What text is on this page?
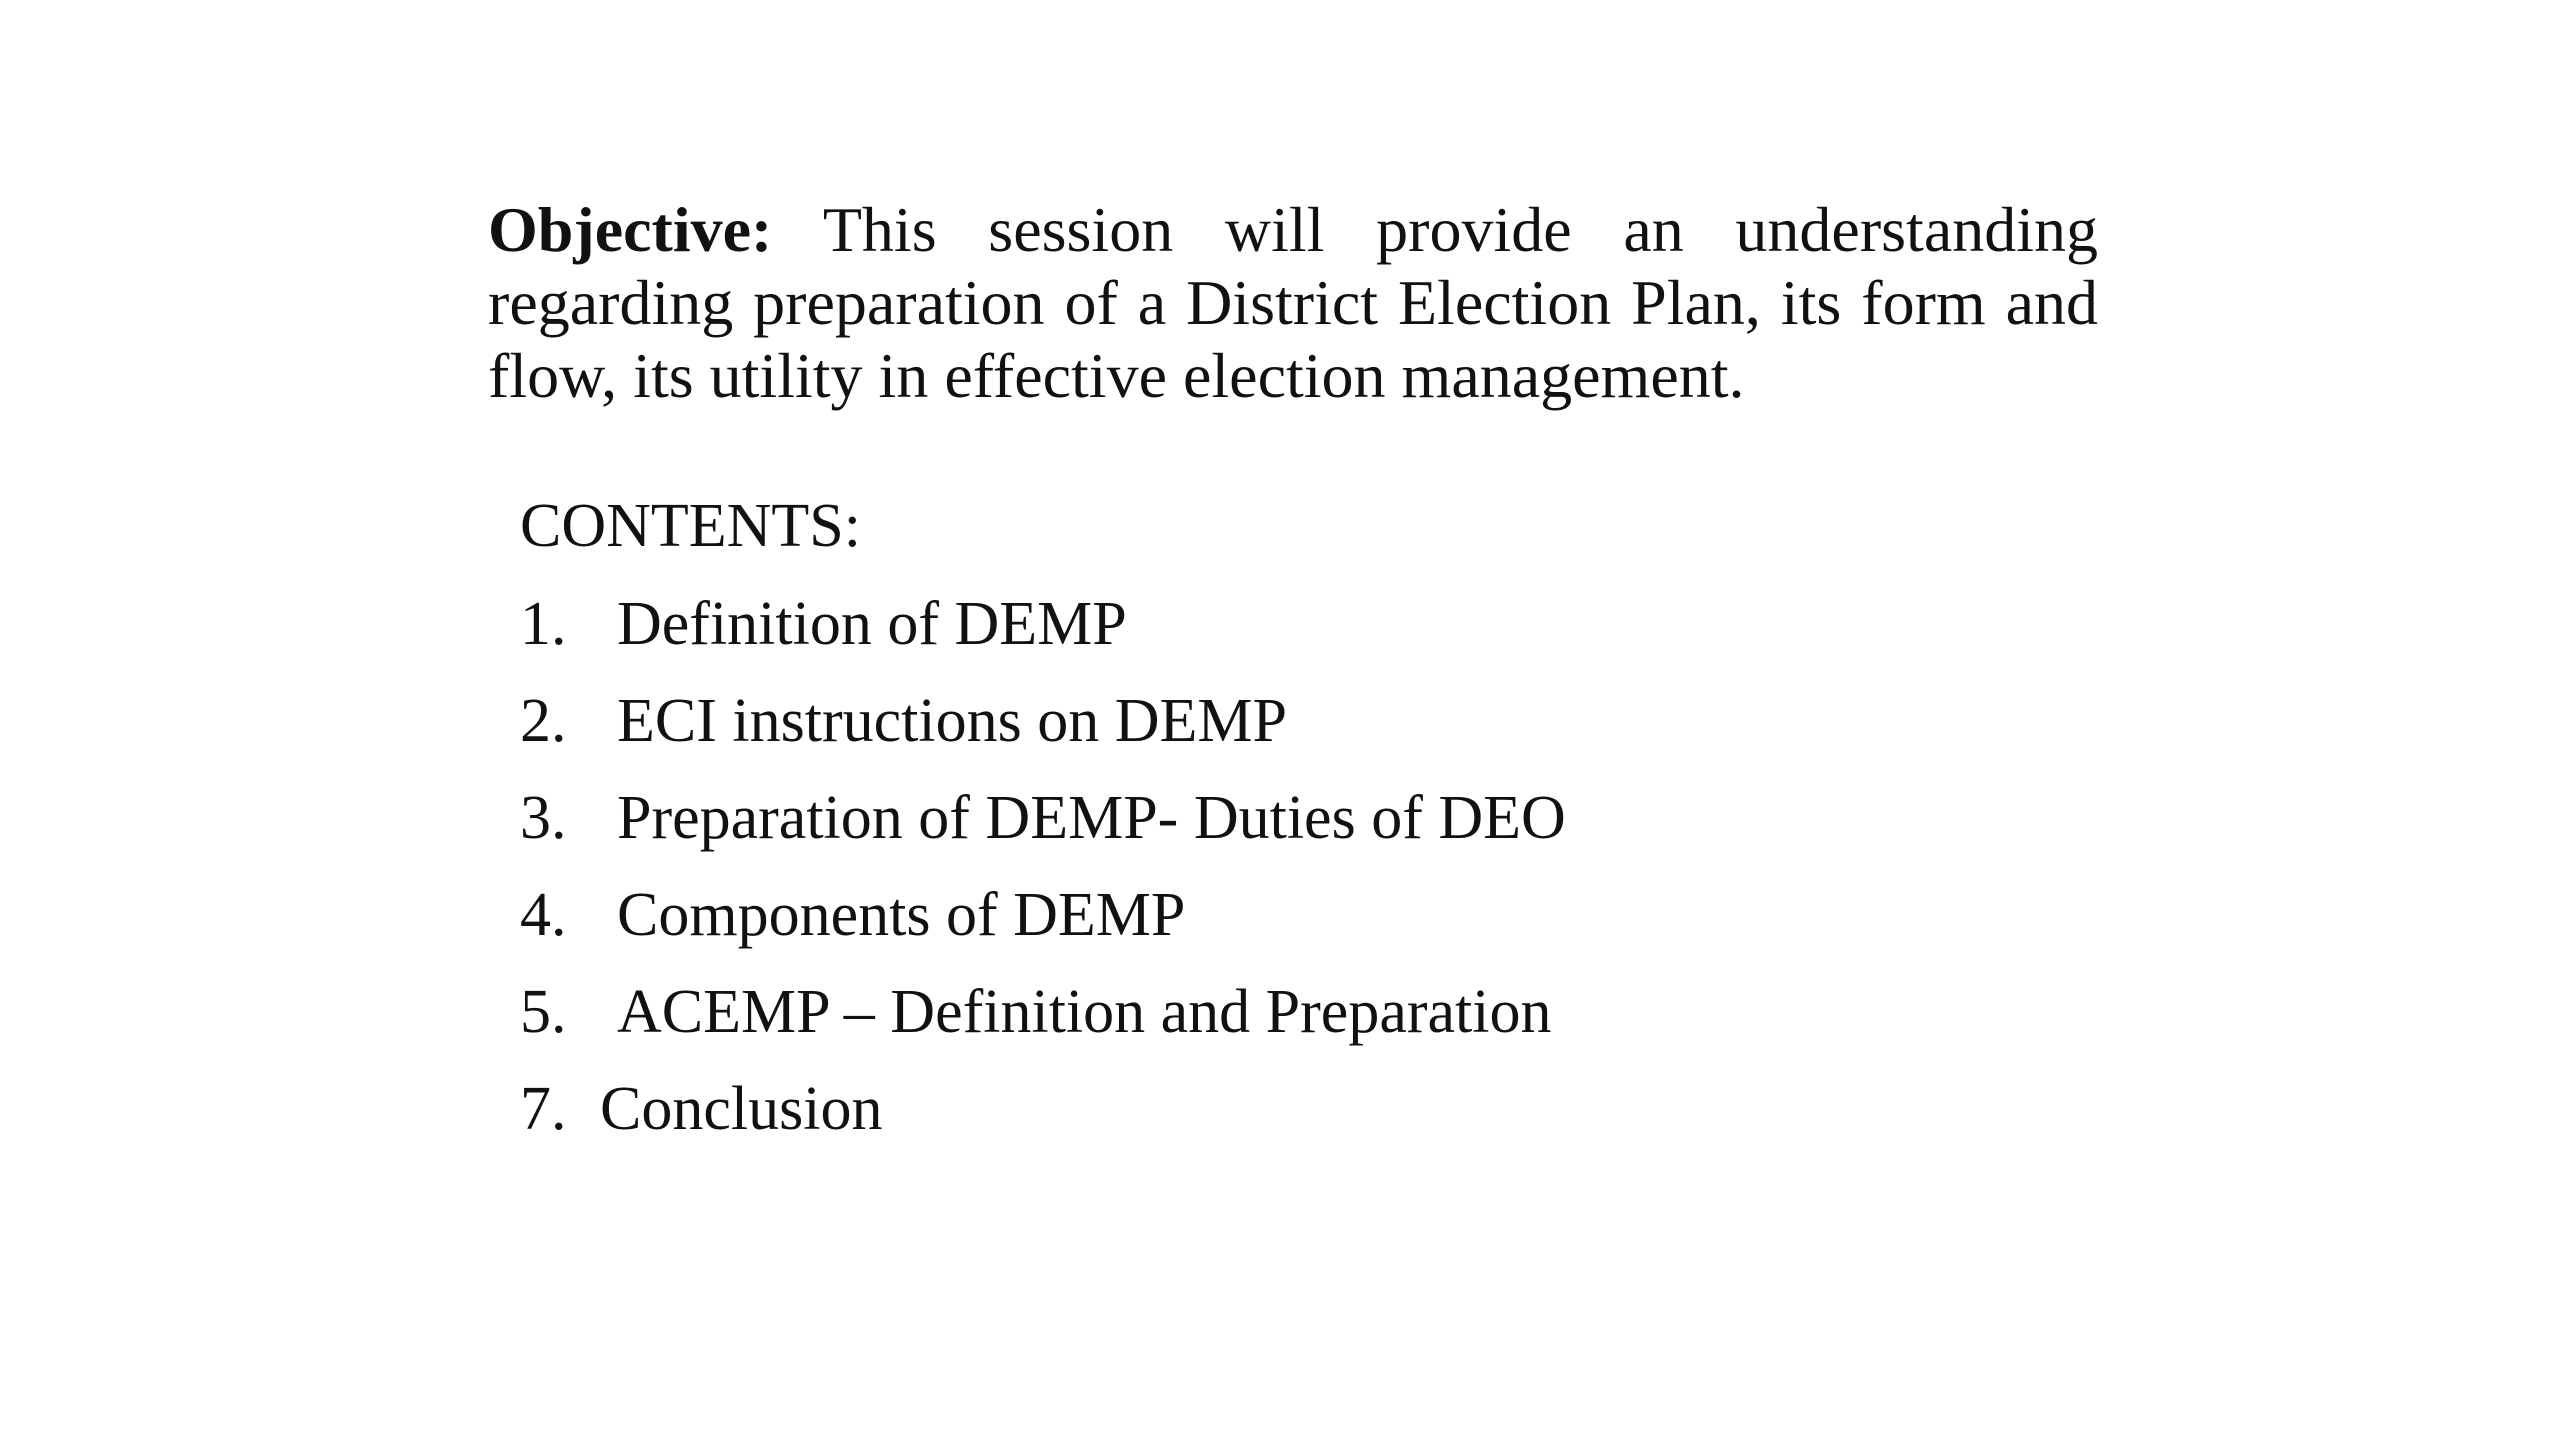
Objective: This session will provide an understanding regarding preparation of a District Election Plan, its form and flow, its utility in effective election management.

CONTENTS:
1. Definition of DEMP
2. ECI instructions on DEMP
3. Preparation of DEMP- Duties of DEO
4. Components of DEMP
5. ACEMP – Definition and Preparation
7. Conclusion
